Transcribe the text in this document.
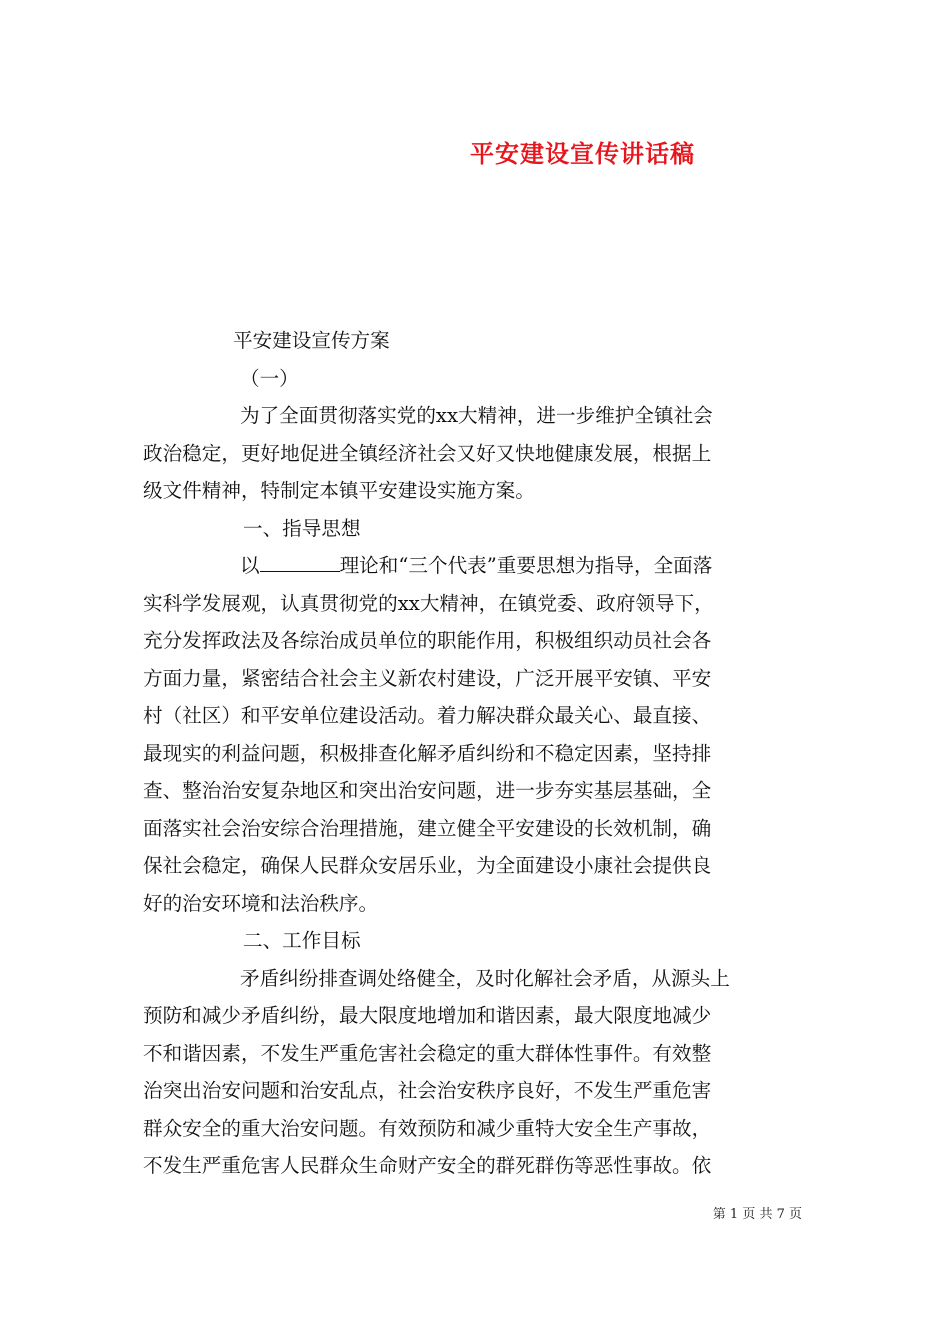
平安建设宣传讲话稿
平安建设宣传方案
（一）
为了全面贯彻落实党的xx大精神，进一步维护全镇社会
政治稳定，更好地促进全镇经济社会又好又快地健康发展，根据上
级文件精神，特制定本镇平安建设实施方案。
一、指导思想
以	理论和“三个代表”重要思想为指导，全面落
实科学发展观，认真贯彻党的xx大精神，在镇党委、政府领导下，
充分发挥政法及各综治成员单位的职能作用，积极组织动员社会各
方面力量，紧密结合社会主义新农村建设，广泛开展平安镇、平安
村（社区）和平安单位建设活动。着力解决群众最关心、最直接、
最现实的利益问题，积极排查化解矛盾纠纷和不稳定因素，坚持排
查、整治治安复杂地区和突出治安问题，进一步夯实基层基础，全
面落实社会治安综合治理措施，建立健全平安建设的长效机制，确
保社会稳定，确保人民群众安居乐业，为全面建设小康社会提供良
好的治安环境和法治秩序。
二、工作目标
矛盾纠纷排查调处络健全，及时化解社会矛盾，从源头上
预防和减少矛盾纠纷，最大限度地增加和谐因素，最大限度地减少
不和谐因素，不发生严重危害社会稳定的重大群体性事件。有效整
治突出治安问题和治安乱点，社会治安秩序良好，不发生严重危害
群众安全的重大治安问题。有效预防和减少重特大安全生产事故，
不发生严重危害人民群众生命财产安全的群死群伤等恶性事故。依
第 1 页 共 7 页
